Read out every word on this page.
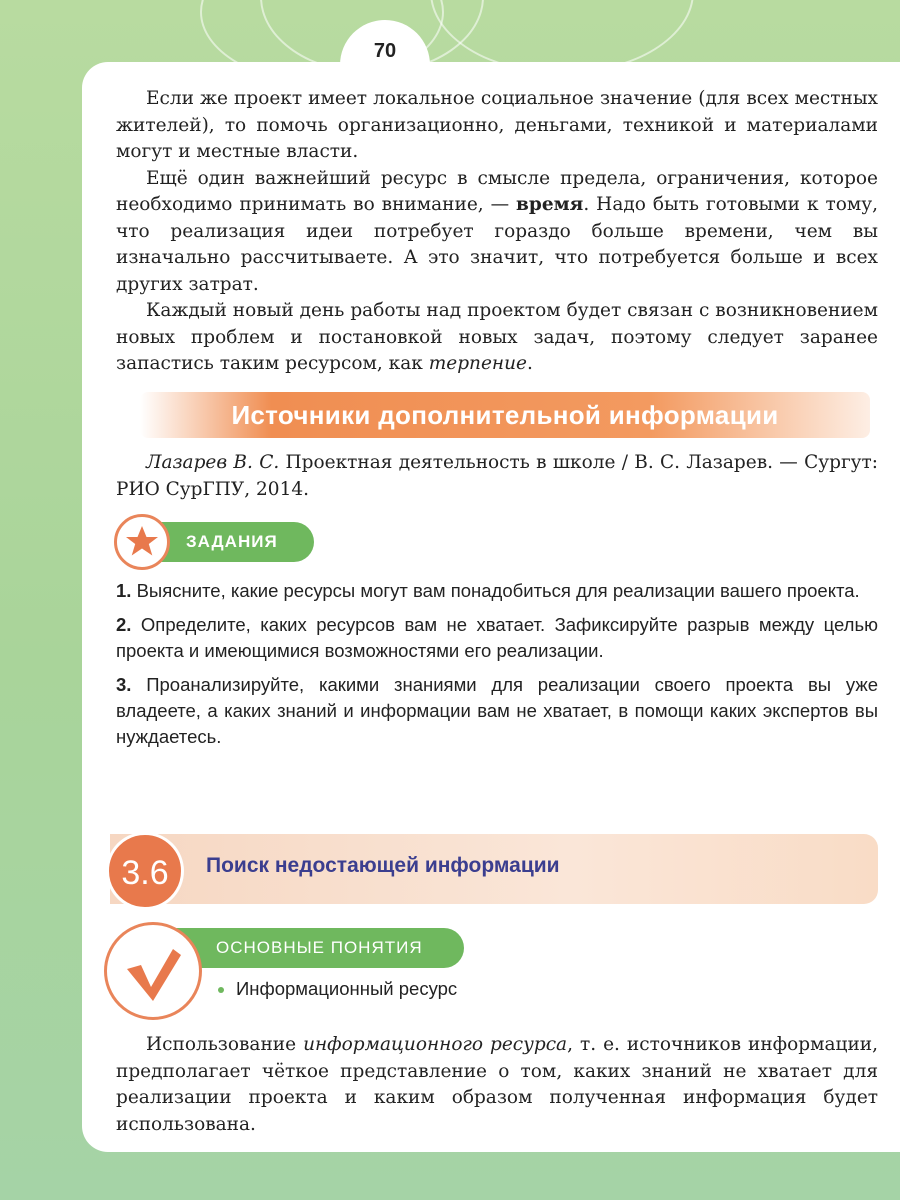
70

Если же проект имеет локальное социальное значение (для всех местных жителей), то помочь организационно, деньгами, техникой и материалами могут и местные власти.

Ещё один важнейший ресурс в смысле предела, ограничения, которое необходимо принимать во внимание, — время. Надо быть готовыми к тому, что реализация идеи потребует гораздо больше времени, чем вы изначально рассчитываете. А это значит, что потребуется больше и всех других затрат.

Каждый новый день работы над проектом будет связан с возникновением новых проблем и постановкой новых задач, поэтому следует заранее запастись таким ресурсом, как терпение.

Источники дополнительной информации

Лазарев В. С. Проектная деятельность в школе / В. С. Лазарев. — Сургут: РИО СурГПУ, 2014.

ЗАДАНИЯ
1. Выясните, какие ресурсы могут вам понадобиться для реализации вашего проекта.
2. Определите, каких ресурсов вам не хватает. Зафиксируйте разрыв между целью проекта и имеющимися возможностями его реализации.
3. Проанализируйте, какими знаниями для реализации своего проекта вы уже владеете, а каких знаний и информации вам не хватает, в помощи каких экспертов вы нуждаетесь.
3.6	Поиск недостающей информации
ОСНОВНЫЕ ПОНЯТИЯ
Информационный ресурс

Использование информационного ресурса, т. е. источников информации, предполагает чёткое представление о том, каких знаний не хватает для реализации проекта и каким образом полученная информация будет использована.
